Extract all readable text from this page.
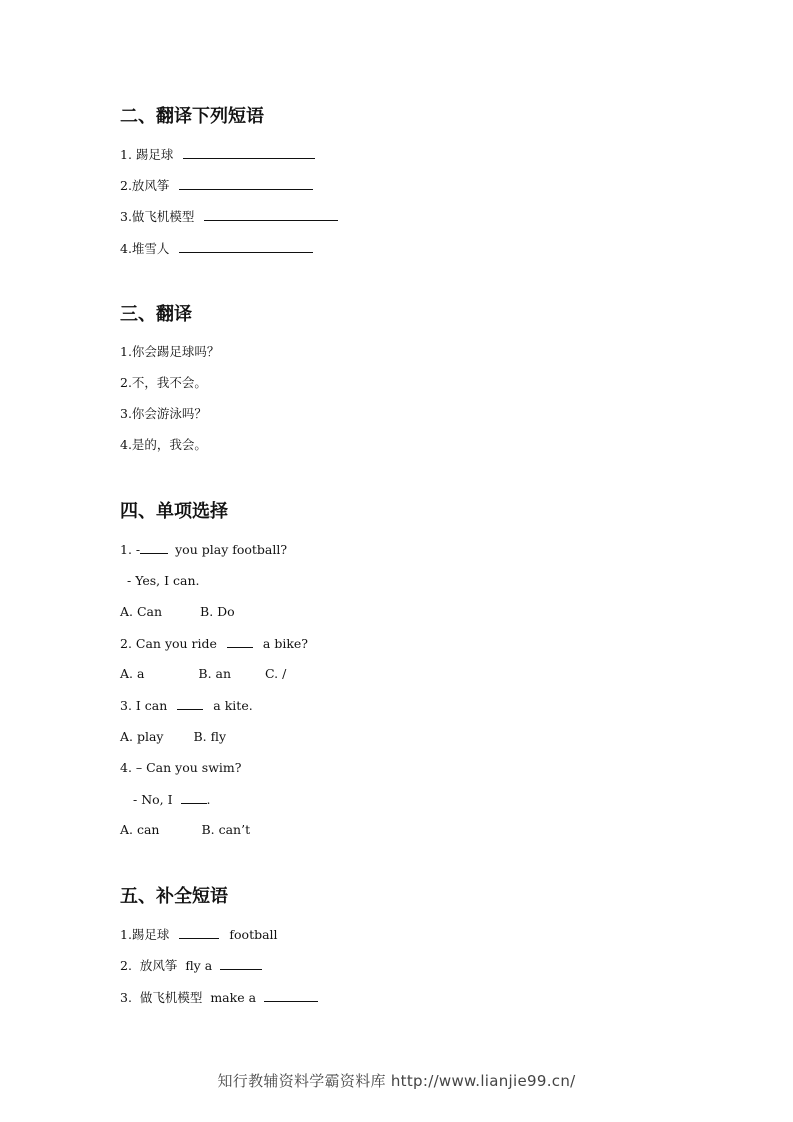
二、翻译下列短语
1. 踢足球
2.放风筝
3.做飞机模型
4.堆雪人
三、翻译
1.你会踢足球吗？
2.不，我不会。
3.你会游泳吗？
4.是的，我会。
四、单项选择
1. -	you play football?
- Yes, I can.
A. Can	B. Do
2. Can you ride	a bike?
A. a	B. an	C. /
3. I can	a kite.
A. play B. fly
4. – Can you swim?
- No, I	.
A. can	B. can’t
五、补全短语
1.踢足球	football
2.  放风筝  fly a
3.  做飞机模型  make a
知行教辅资料学霸资料库 http://www.lianjie99.cn/
